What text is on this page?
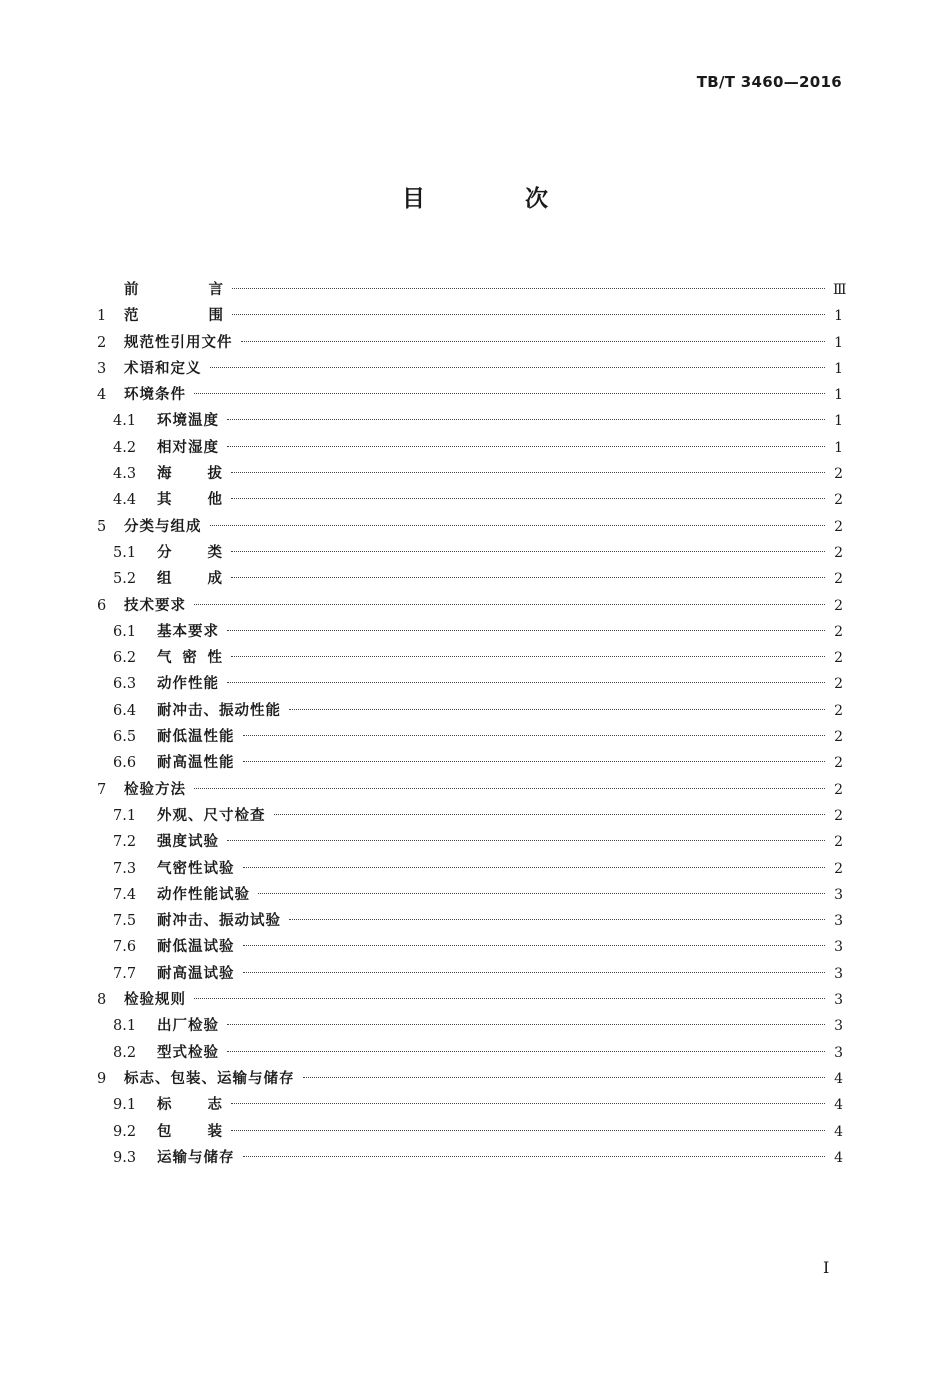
TB/T 3460—2016
目 次
前 言	Ⅲ
1	范 围	1
2	规范性引用文件	1
3	术语和定义	1
4	环境条件	1
4.1	环境温度	1
4.2	相对湿度	1
4.3	海 拔	2
4.4	其 他	2
5	分类与组成	2
5.1	分 类	2
5.2	组 成	2
6	技术要求	2
6.1	基本要求	2
6.2	气 密 性	2
6.3	动作性能	2
6.4	耐冲击、振动性能	2
6.5	耐低温性能	2
6.6	耐高温性能	2
7	检验方法	2
7.1	外观、尺寸检查	2
7.2	强度试验	2
7.3	气密性试验	2
7.4	动作性能试验	3
7.5	耐冲击、振动试验	3
7.6	耐低温试验	3
7.7	耐高温试验	3
8	检验规则	3
8.1	出厂检验	3
8.2	型式检验	3
9	标志、包装、运输与储存	4
9.1	标 志	4
9.2	包 装	4
9.3	运输与储存	4
I
